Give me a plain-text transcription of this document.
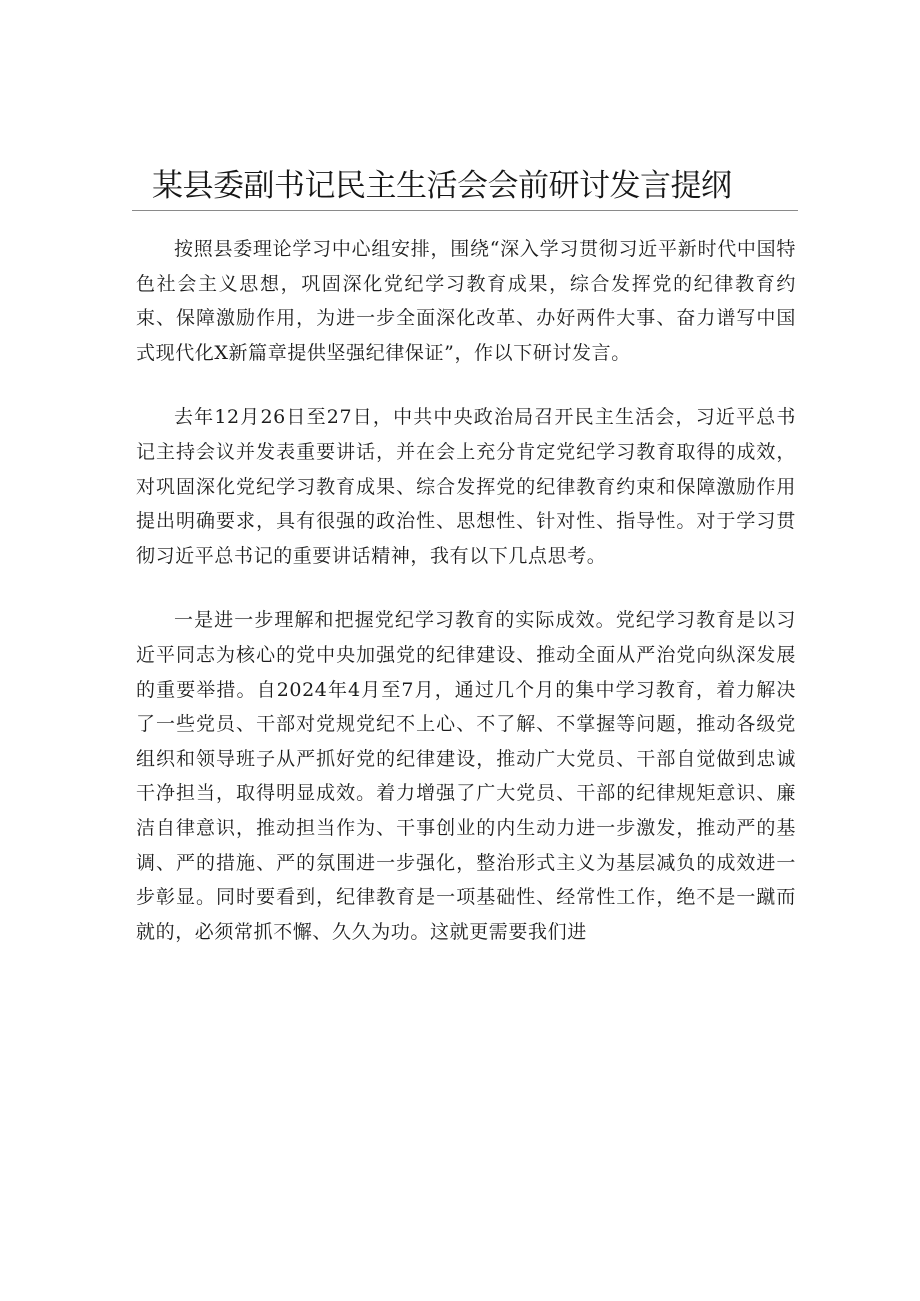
某县委副书记民主生活会会前研讨发言提纲

按照县委理论学习中心组安排，围绕“深入学习贯彻习近平新时代中国特色社会主义思想，巩固深化党纪学习教育成果，综合发挥党的纪律教育约束、保障激励作用，为进一步全面深化改革、办好两件大事、奋力谱写中国式现代化X新篇章提供坚强纪律保证”，作以下研讨发言。

去年12月26日至27日，中共中央政治局召开民主生活会，习近平总书记主持会议并发表重要讲话，并在会上充分肯定党纪学习教育取得的成效，对巩固深化党纪学习教育成果、综合发挥党的纪律教育约束和保障激励作用提出明确要求，具有很强的政治性、思想性、针对性、指导性。对于学习贯彻习近平总书记的重要讲话精神，我有以下几点思考。

一是进一步理解和把握党纪学习教育的实际成效。党纪学习教育是以习近平同志为核心的党中央加强党的纪律建设、推动全面从严治党向纵深发展的重要举措。自2024年4月至7月，通过几个月的集中学习教育，着力解决了一些党员、干部对党规党纪不上心、不了解、不掌握等问题，推动各级党组织和领导班子从严抓好党的纪律建设，推动广大党员、干部自觉做到忠诚干净担当，取得明显成效。着力增强了广大党员、干部的纪律规矩意识、廉洁自律意识，推动担当作为、干事创业的内生动力进一步激发，推动严的基调、严的措施、严的氛围进一步强化，整治形式主义为基层减负的成效进一步彰显。同时要看到，纪律教育是一项基础性、经常性工作，绝不是一蹴而就的，必须常抓不懈、久久为功。这就更需要我们进
